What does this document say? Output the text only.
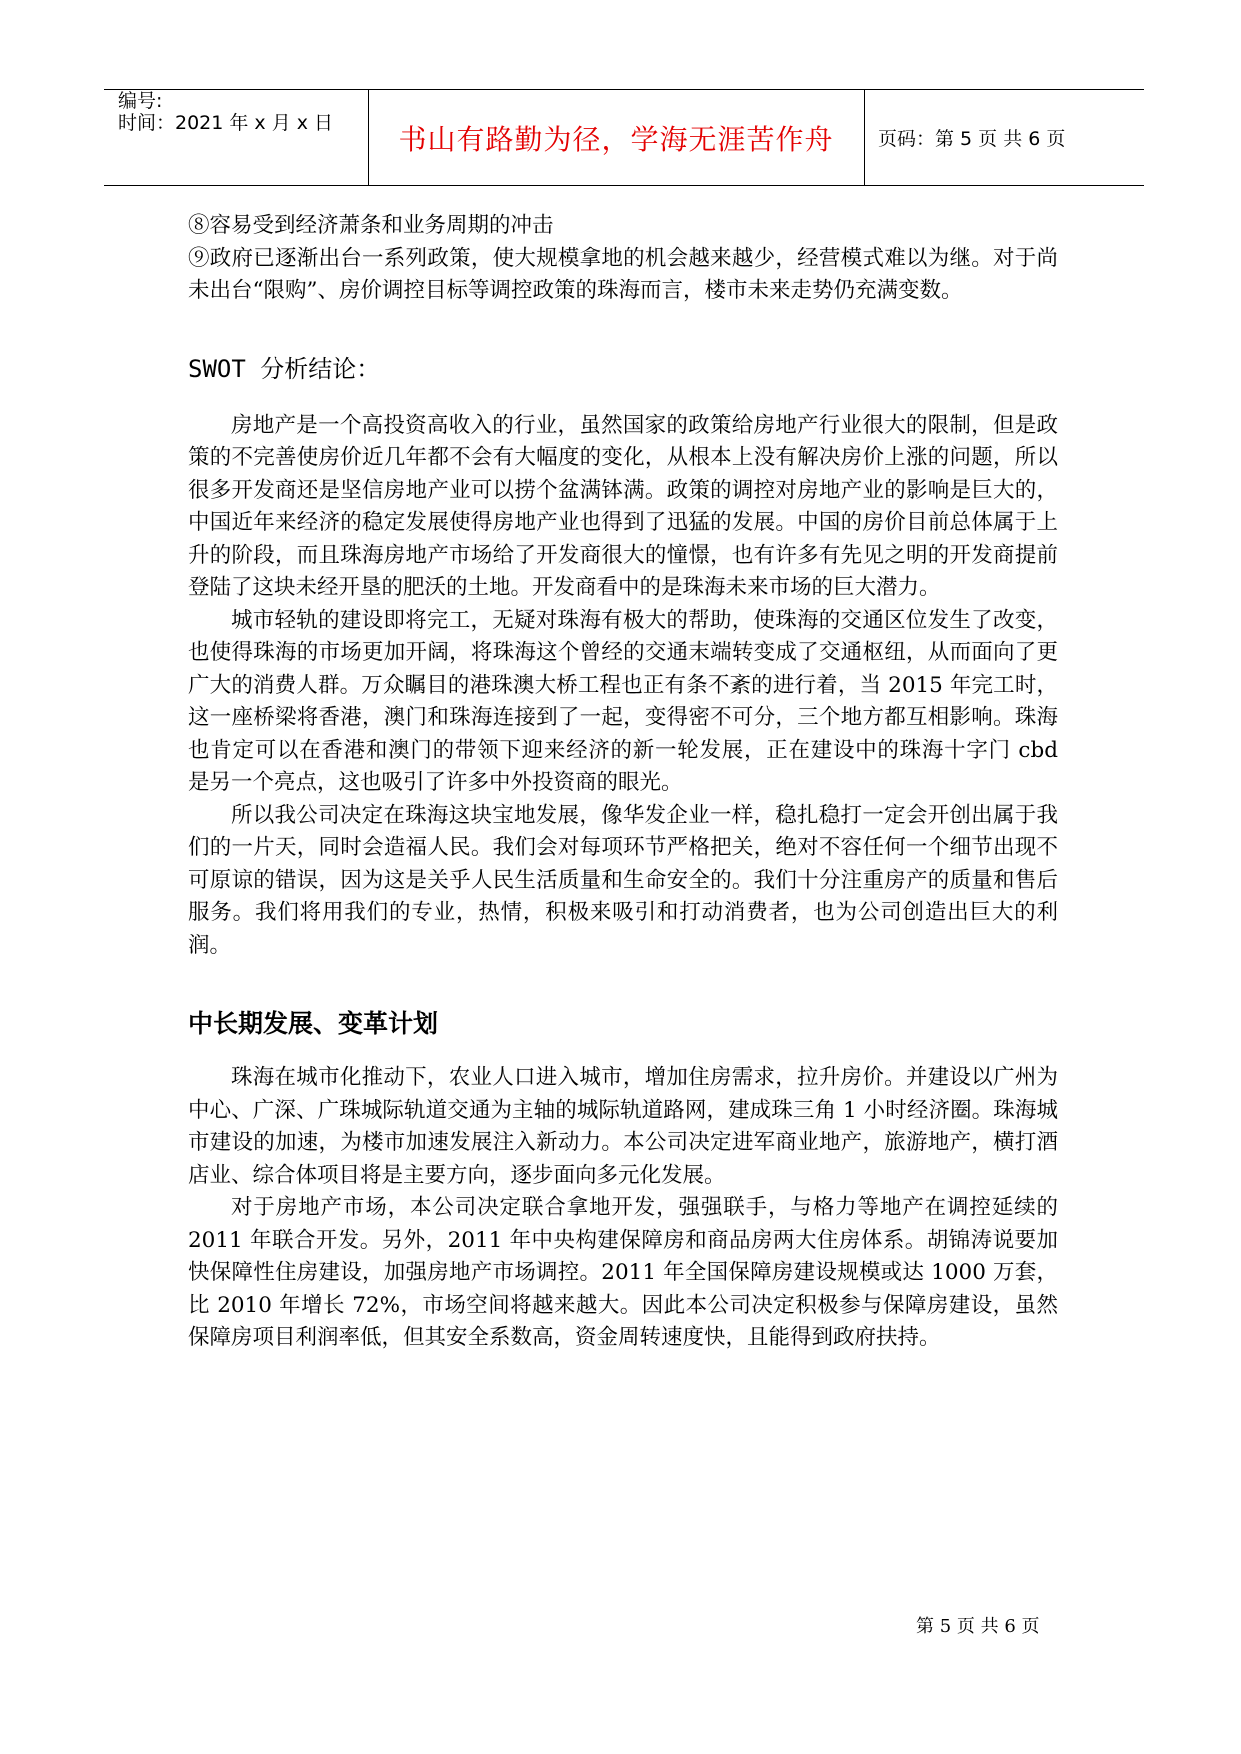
编号:
时间：2021 年 x 月 x 日 书山有路勤为径，学海无涯苦作舟 页码：第 5 页 共 6 页

⑧容易受到经济萧条和业务周期的冲击

⑨政府已逐渐出台一系列政策，使大规模拿地的机会越来越少，经营模式难以为继。对于尚未出台“限购”、房价调控目标等调控政策的珠海而言，楼市未来走势仍充满变数。

SWOT 分析结论：

房地产是一个高投资高收入的行业，虽然国家的政策给房地产行业很大的限制，但是政策的不完善使房价近几年都不会有大幅度的变化，从根本上没有解决房价上涨的问题，所以很多开发商还是坚信房地产业可以捞个盆满钵满。政策的调控对房地产业的影响是巨大的，中国近年来经济的稳定发展使得房地产业也得到了迅猛的发展。中国的房价目前总体属于上升的阶段，而且珠海房地产市场给了开发商很大的憧憬，也有许多有先见之明的开发商提前登陆了这块未经开垦的肥沃的土地。开发商看中的是珠海未来市场的巨大潜力。

城市轻轨的建设即将完工，无疑对珠海有极大的帮助，使珠海的交通区位发生了改变，也使得珠海的市场更加开阔，将珠海这个曾经的交通末端转变成了交通枢纽，从而面向了更广大的消费人群。万众瞩目的港珠澳大桥工程也正有条不紊的进行着，当 2015 年完工时，这一座桥梁将香港，澳门和珠海连接到了一起，变得密不可分，三个地方都互相影响。珠海也肯定可以在香港和澳门的带领下迎来经济的新一轮发展，正在建设中的珠海十字门 cbd 是另一个亮点，这也吸引了许多中外投资商的眼光。

所以我公司决定在珠海这块宝地发展，像华发企业一样，稳扎稳打一定会开创出属于我们的一片天，同时会造福人民。我们会对每项环节严格把关，绝对不容任何一个细节出现不可原谅的错误，因为这是关乎人民生活质量和生命安全的。我们十分注重房产的质量和售后服务。我们将用我们的专业，热情，积极来吸引和打动消费者，也为公司创造出巨大的利润。

中长期发展、变革计划

珠海在城市化推动下，农业人口进入城市，增加住房需求，拉升房价。并建设以广州为中心、广深、广珠城际轨道交通为主轴的城际轨道路网，建成珠三角 1 小时经济圈。珠海城市建设的加速，为楼市加速发展注入新动力。本公司决定进军商业地产，旅游地产，横打酒店业、综合体项目将是主要方向，逐步面向多元化发展。

对于房地产市场，本公司决定联合拿地开发，强强联手，与格力等地产在调控延续的 2011 年联合开发。另外，2011 年中央构建保障房和商品房两大住房体系。胡锦涛说要加快保障性住房建设，加强房地产市场调控。2011 年全国保障房建设规模或达 1000 万套，比 2010 年增长 72%，市场空间将越来越大。因此本公司决定积极参与保障房建设，虽然保障房项目利润率低，但其安全系数高，资金周转速度快，且能得到政府扶持。

第 5 页 共 6 页
